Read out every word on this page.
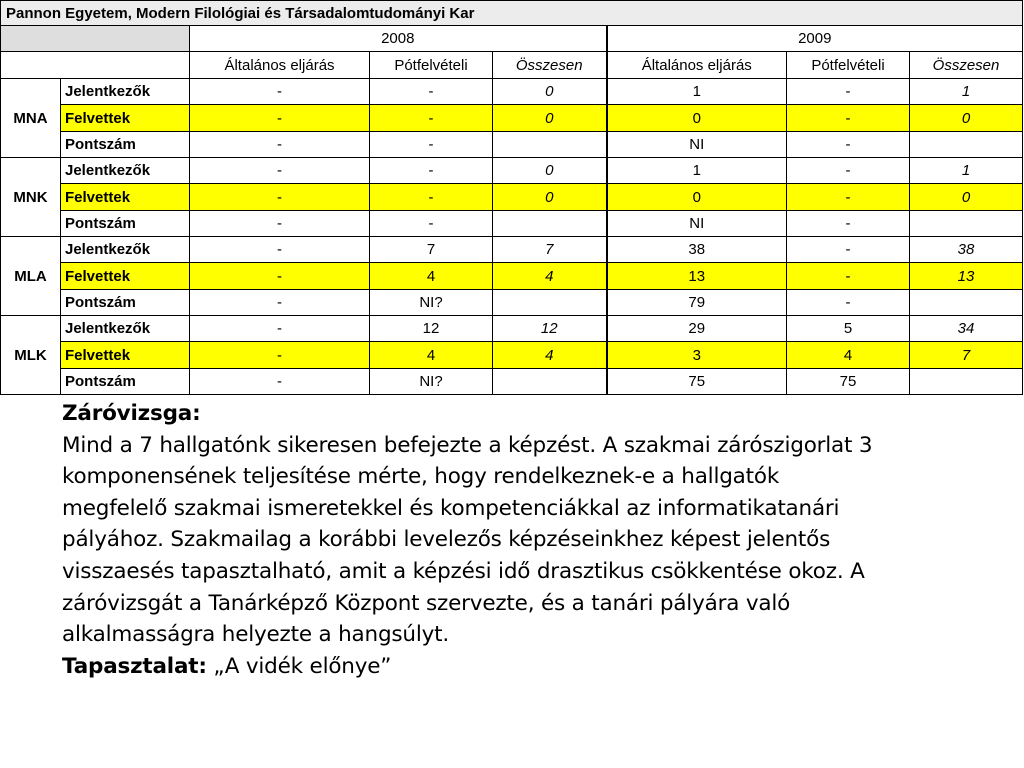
Pannon Egyetem, Modern Filológiai és Társadalomtudományi Kar							
		2008			2009		
		Általános eljárás	Pótfelvételi	Összesen	Általános eljárás	Pótfelvételi	Összesen
MNA	Jelentkezők	-	-	0	1	-	1
	Felvettek	-	-	0	0	-	0
	Pontszám	-	-		NI	-	
MNK	Jelentkezők	-	-	0	1	-	1
	Felvettek	-	-	0	0	-	0
	Pontszám	-	-		NI	-	
MLA	Jelentkezők	-	7	7	38	-	38
	Felvettek	-	4	4	13	-	13
	Pontszám	-	NI?		79	-	
MLK	Jelentkezők	-	12	12	29	5	34
	Felvettek	-	4	4	3	4	7
	Pontszám	-	NI?		75	75	

Záróvizsga:

Mind a 7 hallgatónk sikeresen befejezte a képzést. A szakmai zárószigorlat 3 komponensének teljesítése mérte, hogy rendelkeznek-e a hallgatók megfelelő szakmai ismeretekkel és kompetenciákkal az informatikatanári pályához. Szakmailag a korábbi levelezős képzéseinkhez képest jelentős visszaesés tapasztalható, amit a képzési idő drasztikus csökkentése okoz. A záróvizsgát a Tanárképző Központ szervezte, és a tanári pályára való alkalmasságra helyezte a hangsúlyt.

Tapasztalat: „A vidék előnye”
